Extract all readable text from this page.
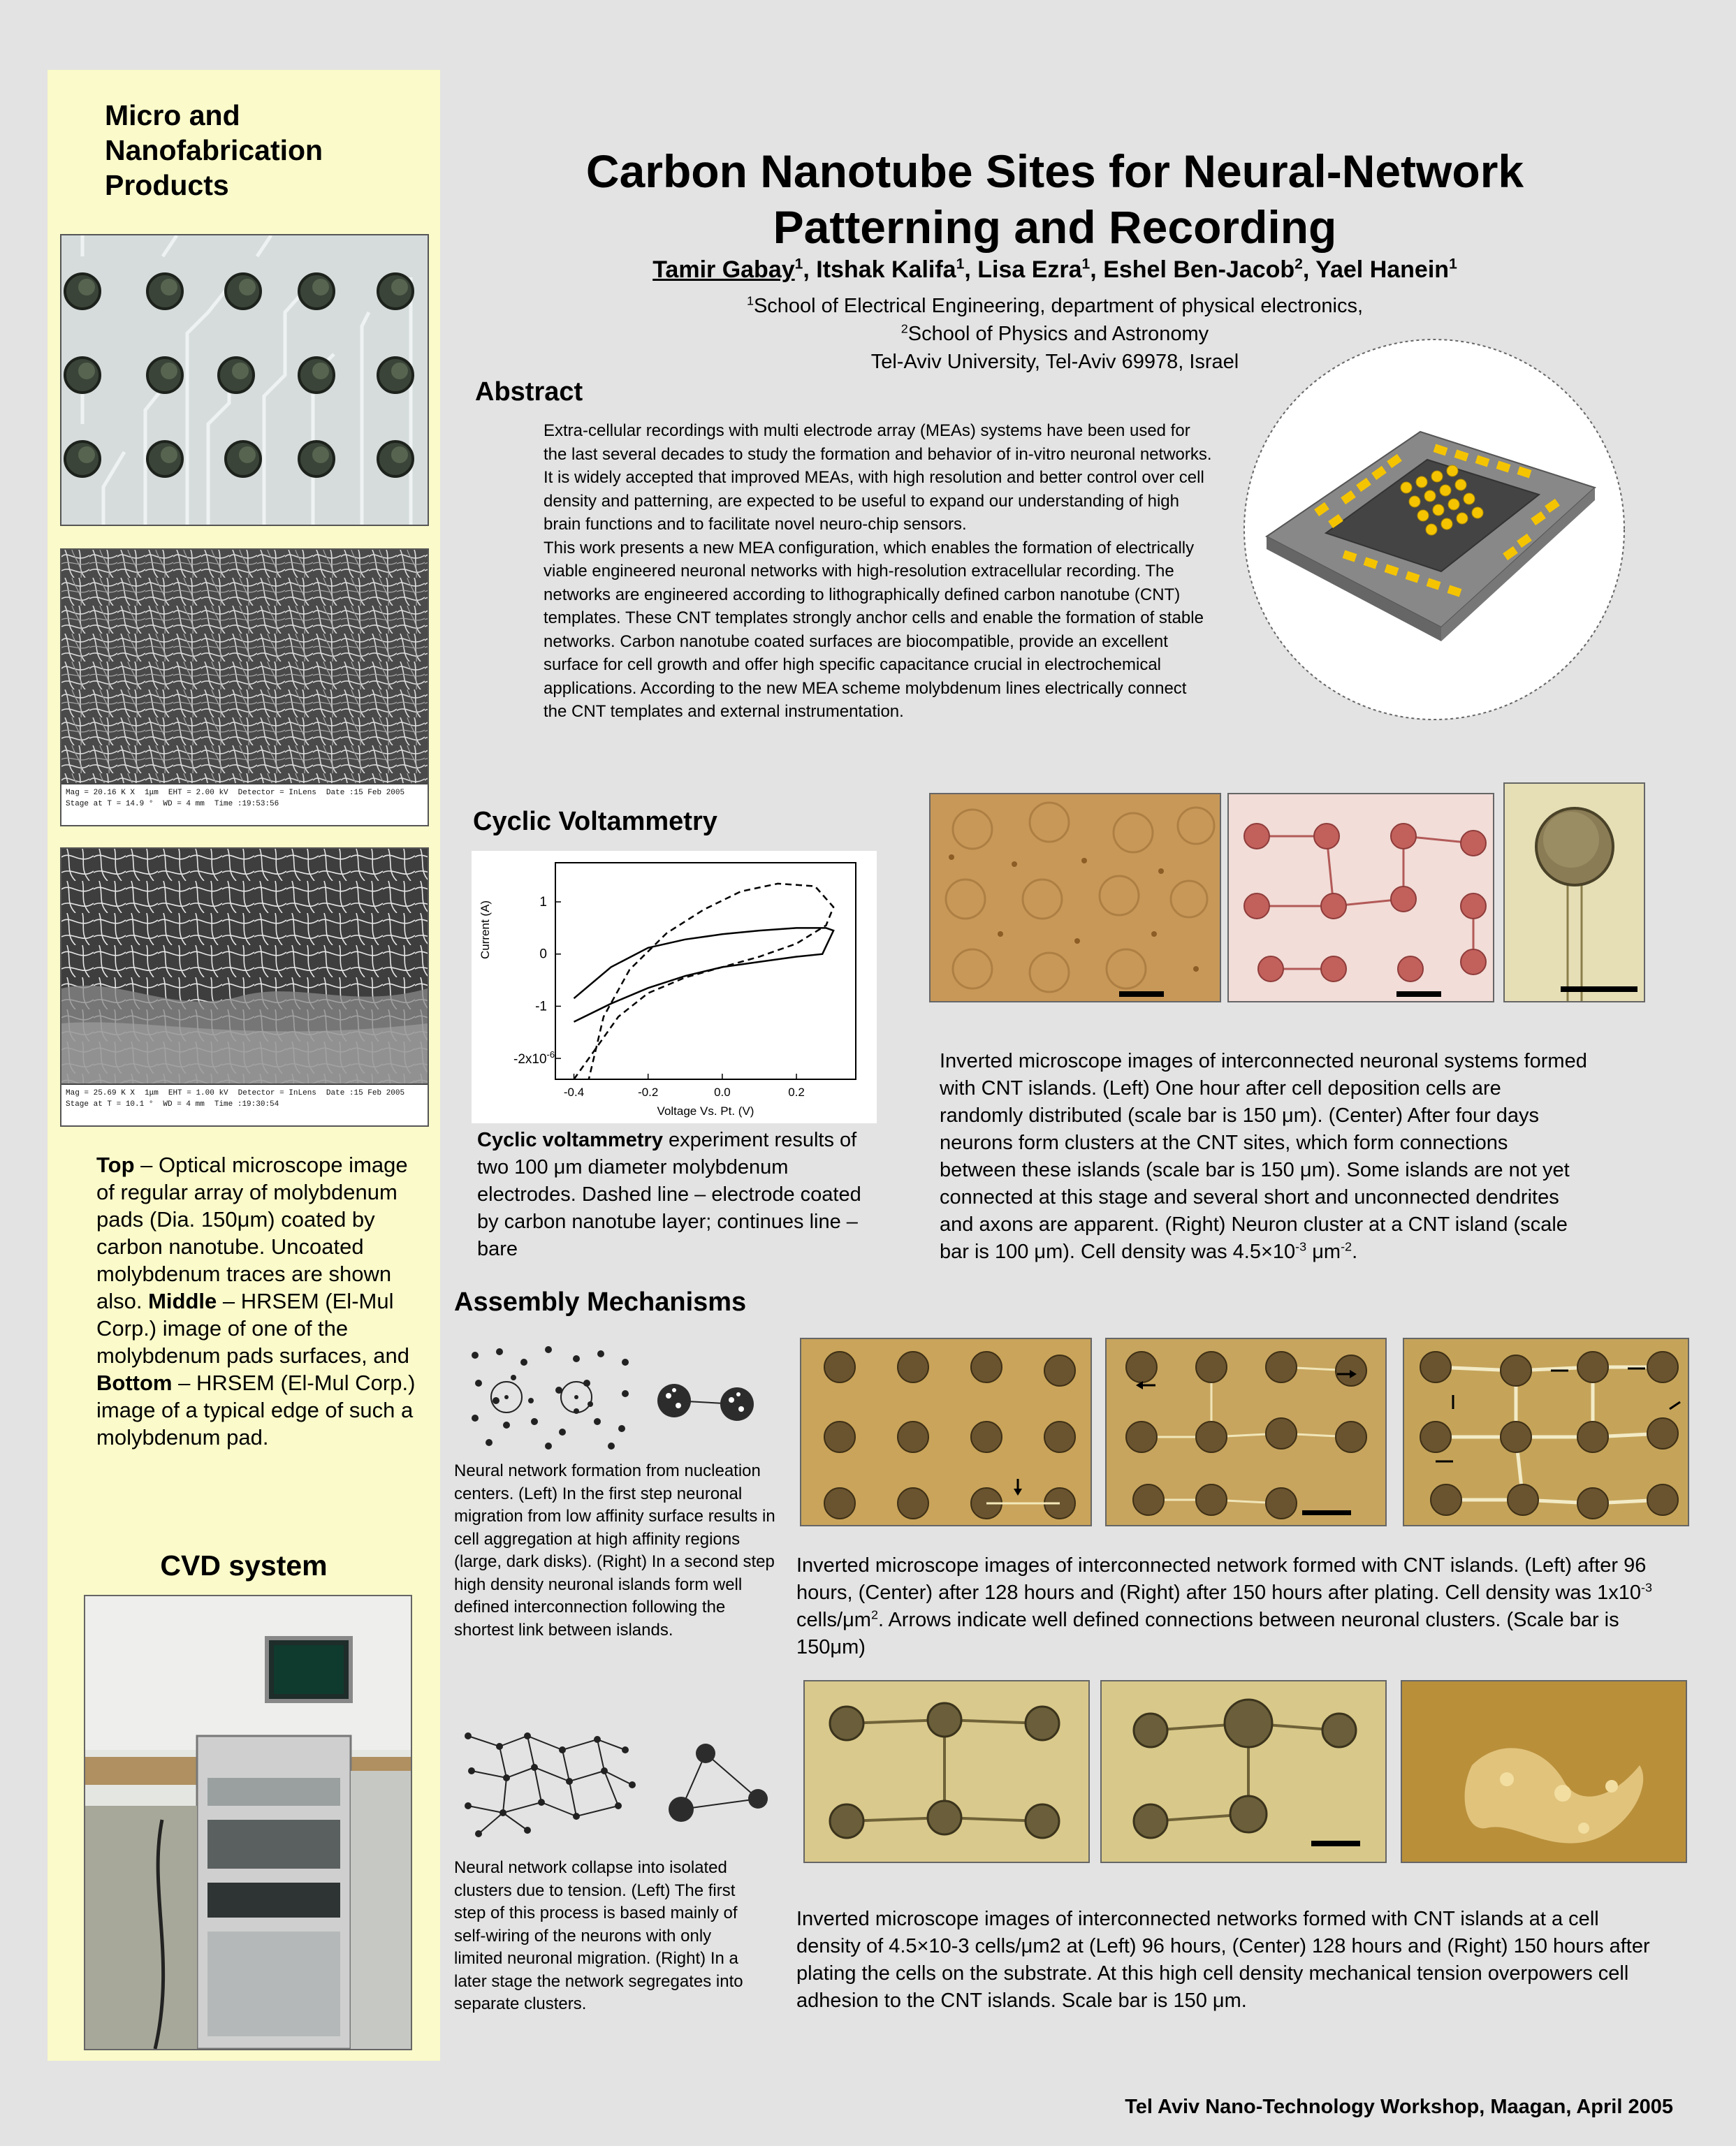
Micro and Nanofabrication Products
Mag = 20.16 K X 1μm EHT = 2.00 kV Detector = InLens Date :15 Feb 2005
Stage at T = 14.9 ° WD = 4 mm Time :19:53:56
Mag = 25.69 K X 1μm EHT = 1.00 kV Detector = InLens Date :15 Feb 2005
Stage at T = 10.1 ° WD = 4 mm Time :19:30:54
Top – Optical microscope image of regular array of molybdenum pads (Dia. 150μm) coated by carbon nanotube. Uncoated molybdenum traces are shown also. Middle – HRSEM (El-Mul Corp.) image of one of the molybdenum pads surfaces, and Bottom – HRSEM (El-Mul Corp.) image of a typical edge of such a molybdenum pad.
CVD system
Carbon Nanotube Sites for Neural-Network
Patterning and Recording
Tamir Gabay$^1$, Itshak Kalifa$^1$, Lisa Ezra$^1$, Eshel Ben-Jacob$^2$, Yael Hanein$^1$
$^1$School of Electrical Engineering, department of physical electronics,
$^2$School of Physics and Astronomy
Tel-Aviv University, Tel-Aviv 69978, Israel
Abstract
Extra-cellular recordings with multi electrode array (MEAs) systems have been used for the last several decades to study the formation and behavior of in-vitro neuronal networks. It is widely accepted that improved MEAs, with high resolution and better control over cell density and patterning, are expected to be useful to expand our understanding of high brain functions and to facilitate novel neuro-chip sensors.
This work presents a new MEA configuration, which enables the formation of electrically viable engineered neuronal networks with high-resolution extracellular recording. The networks are engineered according to lithographically defined carbon nanotube (CNT) templates. These CNT templates strongly anchor cells and enable the formation of stable networks. Carbon nanotube coated surfaces are biocompatible, provide an excellent surface for cell growth and offer high specific capacitance crucial in electrochemical applications. According to the new MEA scheme molybdenum lines electrically connect the CNT templates and external instrumentation.
Cyclic Voltammetry
-0.4	-0.2	0.0	0.2
1
0
-1
Current (A)
Voltage Vs. Pt. (V)
$-2x10^{-6}$
Cyclic voltammetry experiment results of two 100 μm diameter molybdenum electrodes. Dashed line – electrode coated by carbon nanotube layer; continues line – bare
Inverted microscope images of interconnected neuronal systems formed with CNT islands. (Left) One hour after cell deposition cells are randomly distributed (scale bar is 150 μm). (Center) After four days neurons form clusters at the CNT sites, which form connections between these islands (scale bar is 150 μm). Some islands are not yet connected at this stage and several short and unconnected dendrites and axons are apparent. (Right) Neuron cluster at a CNT island (scale bar is 100 μm). Cell density was $4.5\times 10^{-3}$ $\mu m^{-2}$.
Assembly Mechanisms
Neural network formation from nucleation centers. (Left) In the first step neuronal migration from low affinity surface results in cell aggregation at high affinity regions (large, dark disks). (Right) In a second step high density neuronal islands form well defined interconnection following the shortest link between islands.
Neural network collapse into isolated clusters due to tension. (Left) The first step of this process is based mainly of self-wiring of the neurons with only limited neuronal migration. (Right) In a later stage the network segregates into separate clusters.
Inverted microscope images of interconnected network formed with CNT islands. (Left) after 96 hours, (Center) after 128 hours and (Right) after 150 hours after plating. Cell density was $1x10^{-3}$ cells/$\mu m^2$. Arrows indicate well defined connections between neuronal clusters. (Scale bar is 150μm)
Inverted microscope images of interconnected networks formed with CNT islands at a cell density of 4.5×10-3 cells/μm2 at (Left) 96 hours, (Center) 128 hours and (Right) 150 hours after plating the cells on the substrate. At this high cell density mechanical tension overpowers cell adhesion to the CNT islands. Scale bar is 150 μm.
Tel Aviv Nano-Technology Workshop, Maagan, April 2005
